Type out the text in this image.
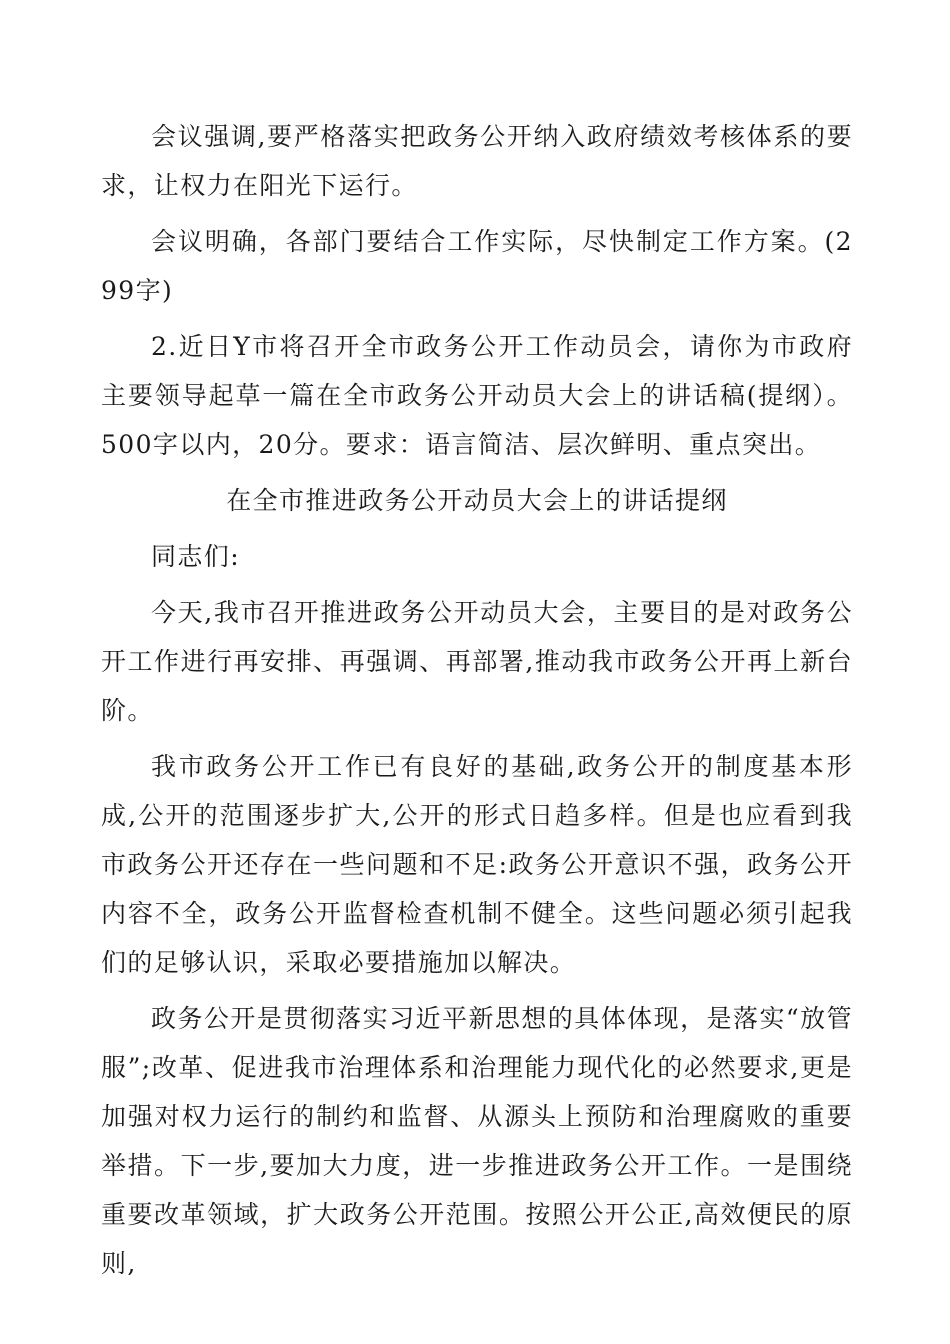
会议强调,要严格落实把政务公开纳入政府绩效考核体系的要求，让权力在阳光下运行。

会议明确，各部门要结合工作实际，尽快制定工作方案。(299字)

2.近日Y市将召开全市政务公开工作动员会，请你为市政府主要领导起草一篇在全市政务公开动员大会上的讲话稿(提纲）。500字以内，20分。要求：语言简洁、层次鲜明、重点突出。

在全市推进政务公开动员大会上的讲话提纲

同志们:

今天,我市召开推进政务公开动员大会，主要目的是对政务公开工作进行再安排、再强调、再部署,推动我市政务公开再上新台阶。

我市政务公开工作已有良好的基础,政务公开的制度基本形成,公开的范围逐步扩大,公开的形式日趋多样。但是也应看到我市政务公开还存在一些问题和不足:政务公开意识不强，政务公开内容不全，政务公开监督检查机制不健全。这些问题必须引起我们的足够认识，采取必要措施加以解决。

政务公开是贯彻落实习近平新思想的具体体现，是落实“放管服”;改革、促进我市治理体系和治理能力现代化的必然要求,更是加强对权力运行的制约和监督、从源头上预防和治理腐败的重要举措。下一步,要加大力度，进一步推进政务公开工作。一是围绕重要改革领域，扩大政务公开范围。按照公开公正,高效便民的原则,
